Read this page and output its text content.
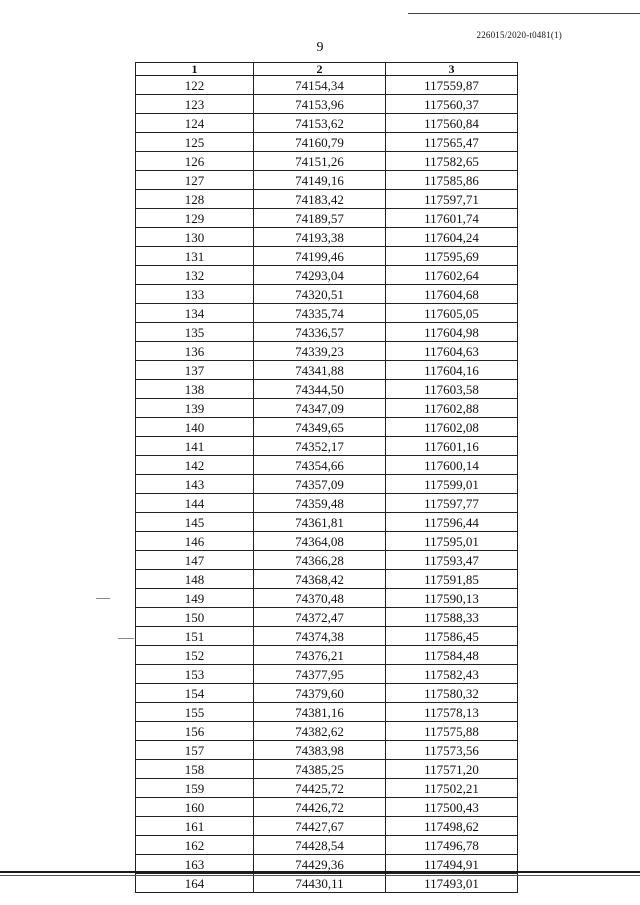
226015/2020-t0481(1)
9
1	2	3
122	74154,34	117559,87
123	74153,96	117560,37
124	74153,62	117560,84
125	74160,79	117565,47
126	74151,26	117582,65
127	74149,16	117585,86
128	74183,42	117597,71
129	74189,57	117601,74
130	74193,38	117604,24
131	74199,46	117595,69
132	74293,04	117602,64
133	74320,51	117604,68
134	74335,74	117605,05
135	74336,57	117604,98
136	74339,23	117604,63
137	74341,88	117604,16
138	74344,50	117603,58
139	74347,09	117602,88
140	74349,65	117602,08
141	74352,17	117601,16
142	74354,66	117600,14
143	74357,09	117599,01
144	74359,48	117597,77
145	74361,81	117596,44
146	74364,08	117595,01
147	74366,28	117593,47
148	74368,42	117591,85
149	74370,48	117590,13
150	74372,47	117588,33
151	74374,38	117586,45
152	74376,21	117584,48
153	74377,95	117582,43
154	74379,60	117580,32
155	74381,16	117578,13
156	74382,62	117575,88
157	74383,98	117573,56
158	74385,25	117571,20
159	74425,72	117502,21
160	74426,72	117500,43
161	74427,67	117498,62
162	74428,54	117496,78
163	74429,36	117494,91
164	74430,11	117493,01
